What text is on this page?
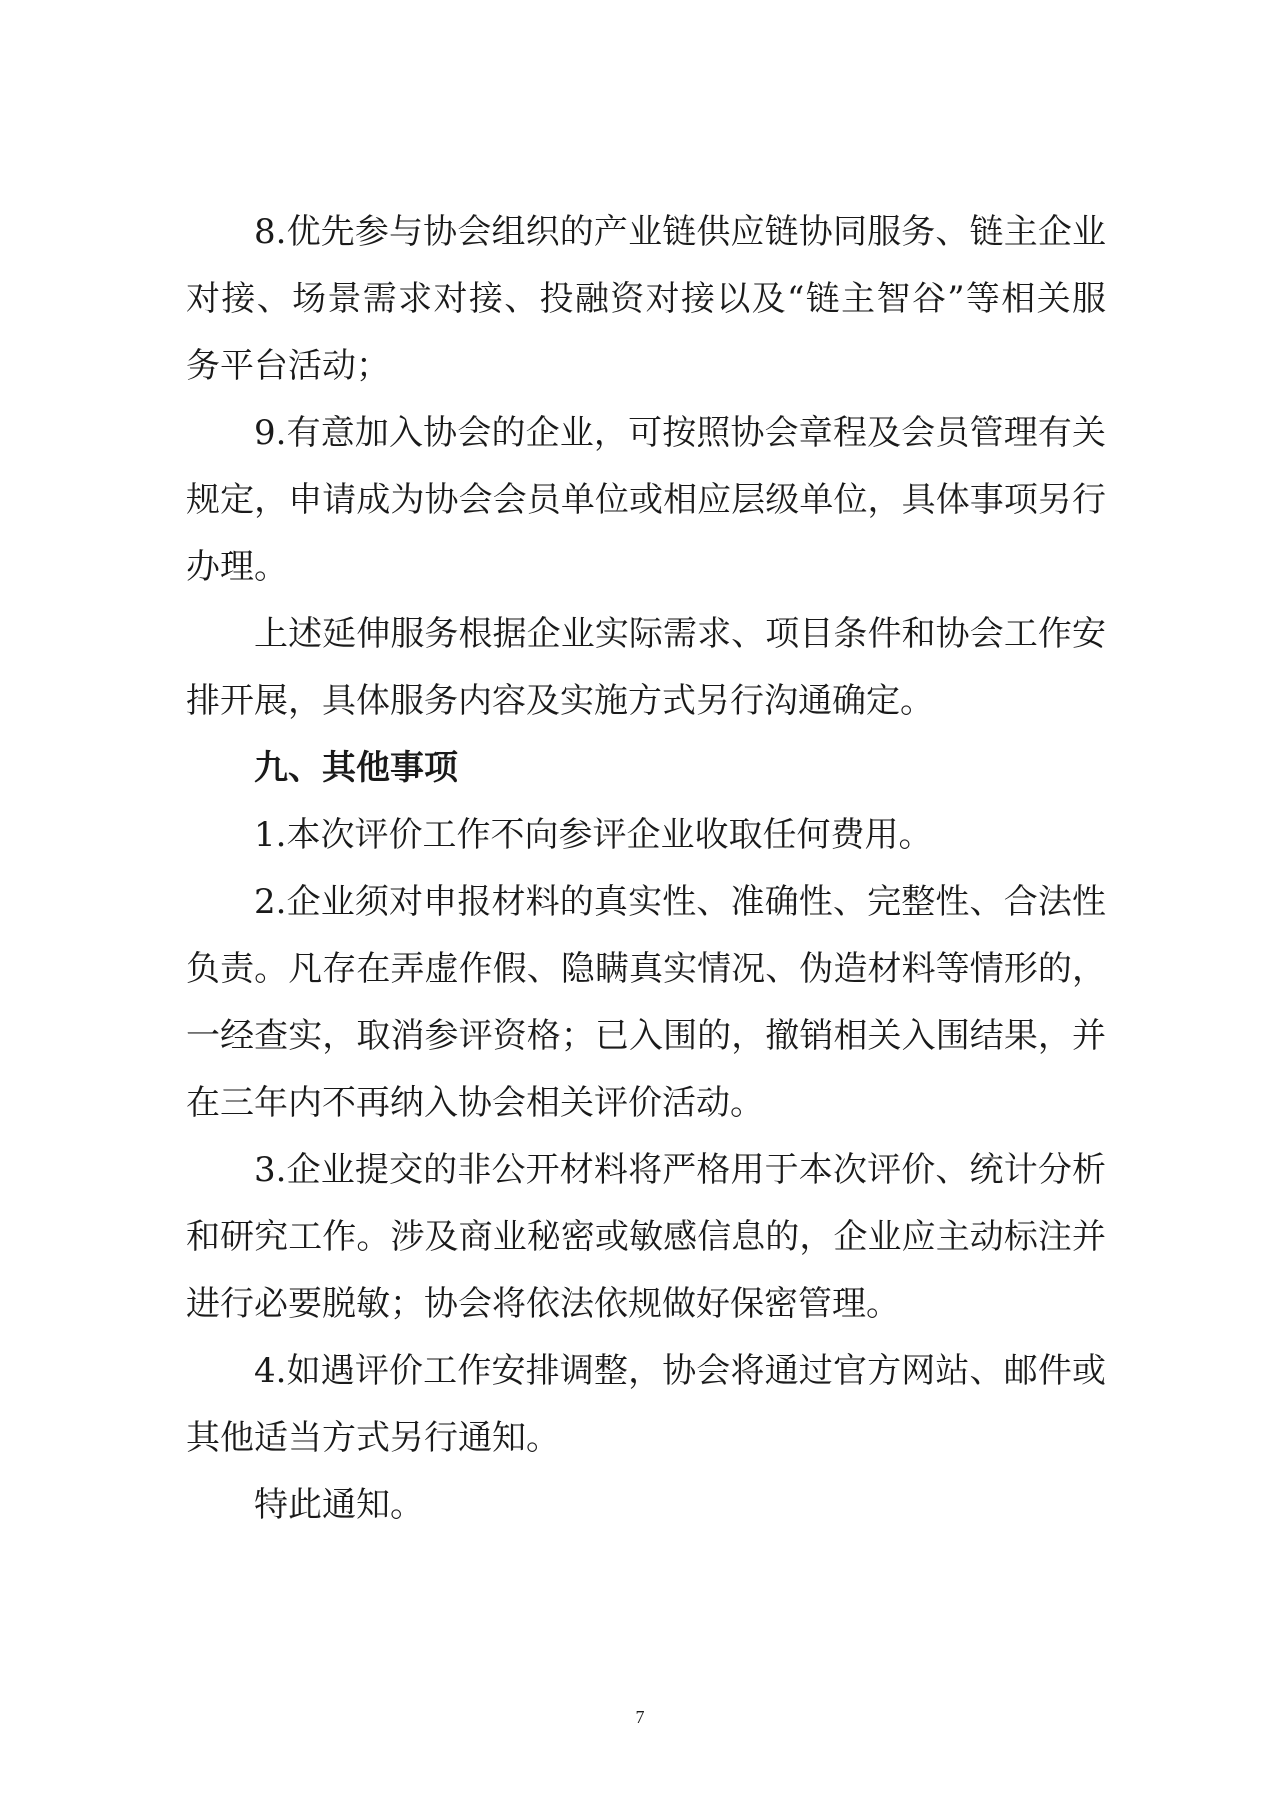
8.优先参与协会组织的产业链供应链协同服务、链主企业
对接、场景需求对接、投融资对接以及“链主智谷”等相关服
务平台活动；
9.有意加入协会的企业，可按照协会章程及会员管理有关
规定，申请成为协会会员单位或相应层级单位，具体事项另行
办理。
上述延伸服务根据企业实际需求、项目条件和协会工作安
排开展，具体服务内容及实施方式另行沟通确定。
九、其他事项
1.本次评价工作不向参评企业收取任何费用。
2.企业须对申报材料的真实性、准确性、完整性、合法性
负责。凡存在弄虚作假、隐瞒真实情况、伪造材料等情形的，
一经查实，取消参评资格；已入围的，撤销相关入围结果，并
在三年内不再纳入协会相关评价活动。
3.企业提交的非公开材料将严格用于本次评价、统计分析
和研究工作。涉及商业秘密或敏感信息的，企业应主动标注并
进行必要脱敏；协会将依法依规做好保密管理。
4.如遇评价工作安排调整，协会将通过官方网站、邮件或
其他适当方式另行通知。
特此通知。
7
